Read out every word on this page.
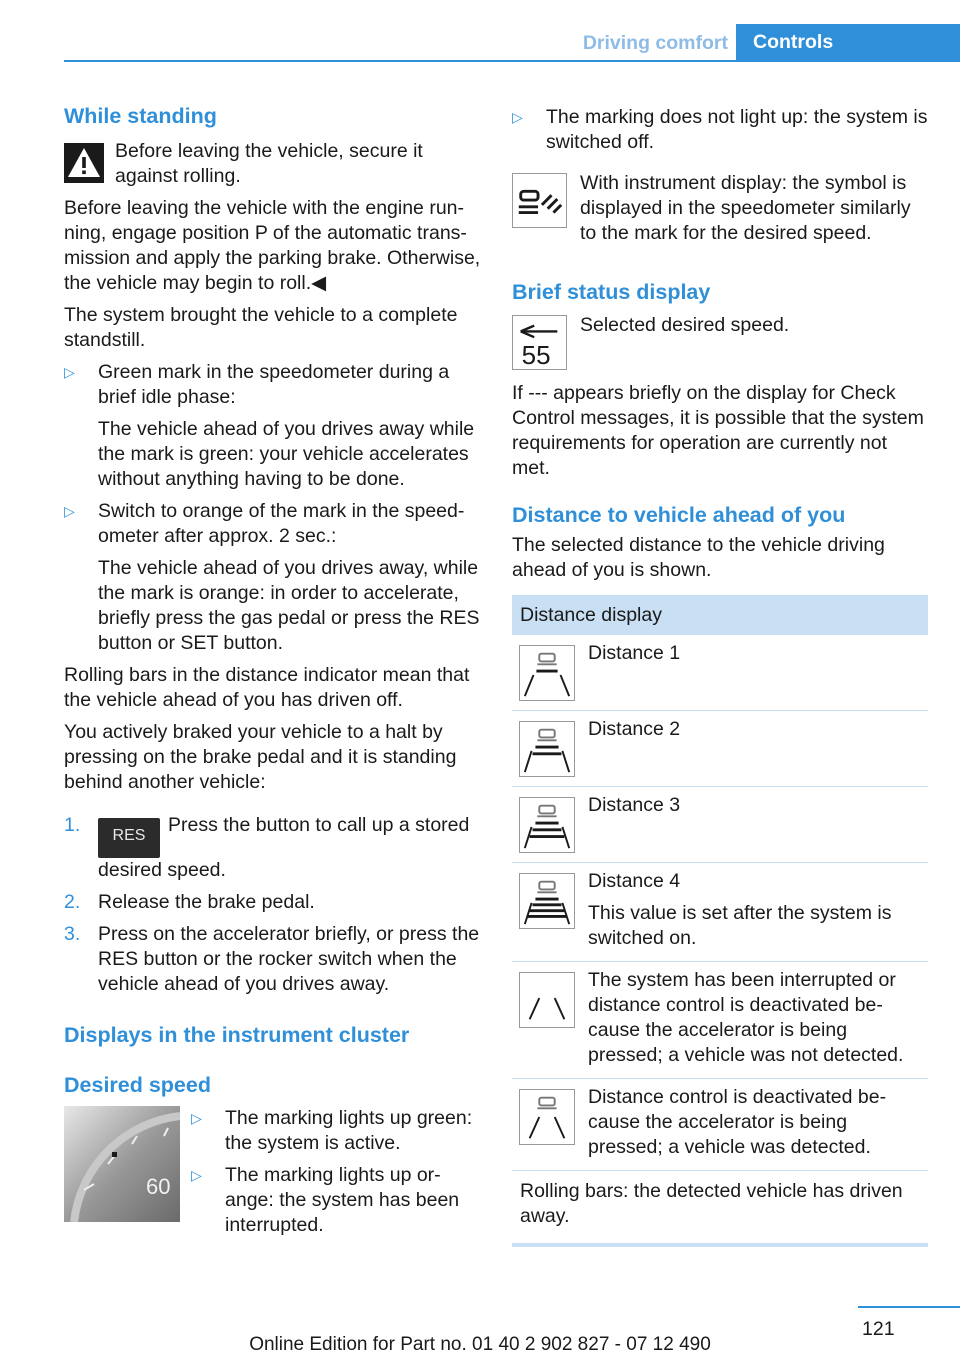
Driving comfort	Controls
While standing
Before leaving the vehicle, secure it against rolling.

Before leaving the vehicle with the engine run-ning, engage position P of the automatic trans-mission and apply the parking brake. Otherwise, the vehicle may begin to roll.◀

The system brought the vehicle to a complete standstill.

▷ Green mark in the speedometer during a brief idle phase:
The vehicle ahead of you drives away while the mark is green: your vehicle accelerates without anything having to be done.
▷ Switch to orange of the mark in the speed-ometer after approx. 2 sec.:
The vehicle ahead of you drives away, while the mark is orange: in order to accelerate, briefly press the gas pedal or press the RES button or SET button.

Rolling bars in the distance indicator mean that the vehicle ahead of you has driven off.

You actively braked your vehicle to a halt by pressing on the brake pedal and it is standing behind another vehicle:

1. RES Press the button to call up a stored desired speed.
2. Release the brake pedal.
3. Press on the accelerator briefly, or press the RES button or the rocker switch when the vehicle ahead of you drives away.
Displays in the instrument cluster
Desired speed
60
▷ The marking lights up green: the system is active.
▷ The marking lights up or-ange: the system has been interrupted.
▷ The marking does not light up: the system is switched off.
With instrument display: the symbol is displayed in the speedometer similarly to the mark for the desired speed.
Brief status display
55
Selected desired speed.

If --- appears briefly on the display for Check Control messages, it is possible that the system requirements for operation are currently not met.

Distance to vehicle ahead of you

The selected distance to the vehicle driving ahead of you is shown.

Distance display

Distance 1

Distance 2

Distance 3

Distance 4

This value is set after the system is switched on.

The system has been interrupted or distance control is deactivated be-cause the accelerator is being pressed; a vehicle was not detected.

Distance control is deactivated be-cause the accelerator is being pressed; a vehicle was detected.

Rolling bars: the detected vehicle has driven away.

121
Online Edition for Part no. 01 40 2 902 827 - 07 12 490
